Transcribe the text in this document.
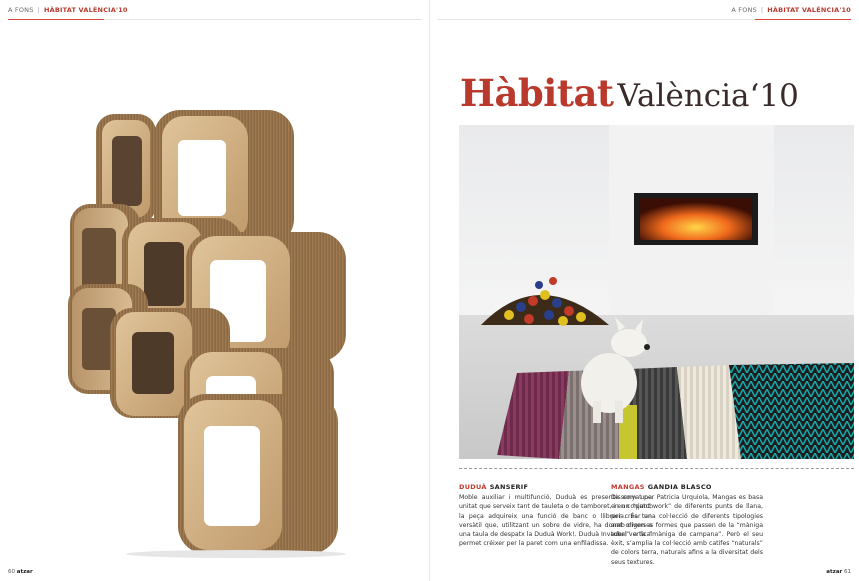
A FONS | HÀBITAT VALÈNCIA'10	A FONS | HÀBITAT VALÈNCIA'10
Hàbitat València‘10
DUDUÀ SANSERIF
Moble auxiliar i multifunció, Duduà es presenta com una unitat que serveix tant de tauleta o de tamboret, i en conjunt, la peça adquireix una funció de banc o llibreria. És tan versàtil que, utilitzant un sobre de vidre, ha donat origen a una taula de despatx la Duduà Work!. Duduà Invader! vertical permet créixer per la paret com una enfiladissa.
MANGAS GANDIA BLASCO
Dissenyat per Patricia Urquiola, Mangas es basa en un “patchwork” de diferents punts de llana, per crear una col·lecció de diferents tipologies amb diverses formes que passen de la “màniga tubal” a la “màniga de campana”. Però el seu èxit, s’amplia la col·lecció amb catifes “naturals” de colors terra, naturals afins a la diversitat dels seus textures.
60 atzar	atzar 61
